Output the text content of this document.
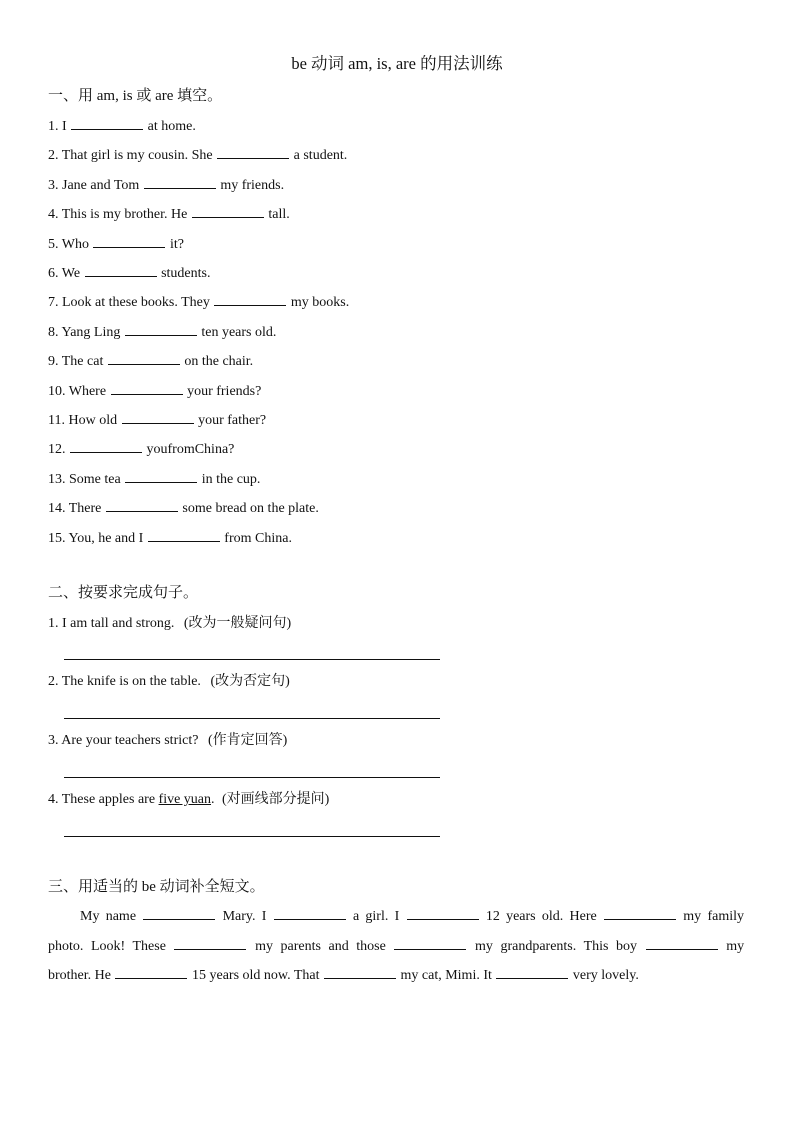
be 动词 am, is, are 的用法训练
一、用 am, is 或 are 填空。
1. I	at home.
2. That girl is my cousin. She	a student.
3. Jane and Tom	my friends.
4. This is my brother. He	tall.
5. Who	it?
6. We	students.
7. Look at these books. They	my books.
8. Yang Ling	ten years old.
9. The cat	on the chair.
10. Where	your friends?
11. How old	your father?
12.	youfromChina?
13. Some tea	in the cup.
14. There	some bread on the plate.
15. You, he and I	from China.
二、按要求完成句子。
1. I am tall and strong. (改为一般疑问句)
2. The knife is on the table. (改为否定句)
3. Are your teachers strict? (作肯定回答)
4. These apples are five yuan. (对画线部分提问)
三、用适当的 be 动词补全短文。
My name	Mary. I	a girl. I	12 years old. Here	my family
photo. Look! These	my parents and those	my grandparents. This boy	my
brother. He	15 years old now. That	my cat, Mimi. It	very lovely.
